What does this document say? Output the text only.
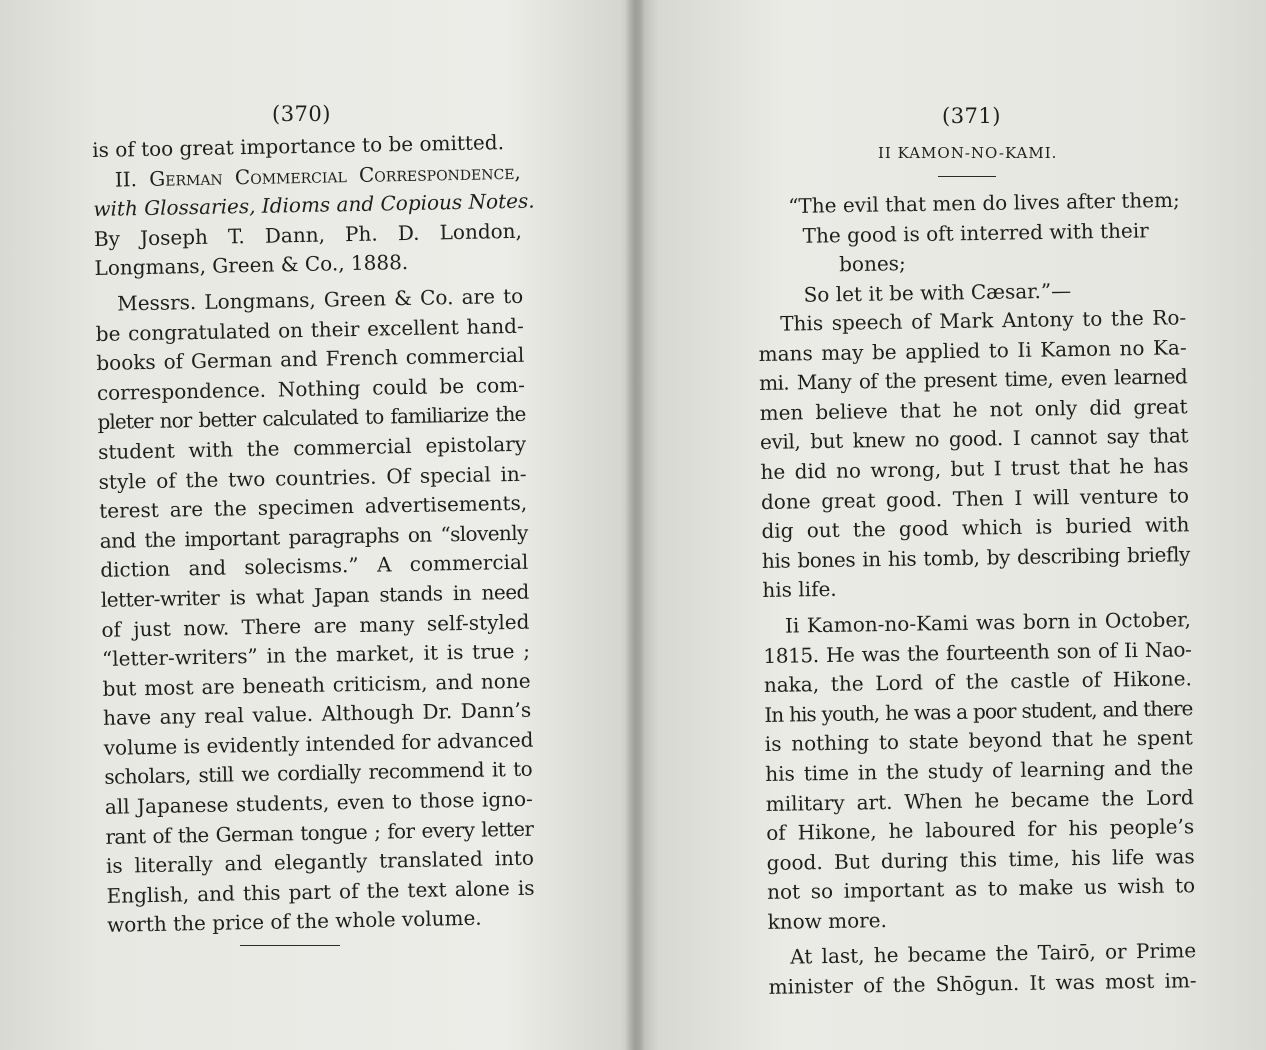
(370)
is of too great importance to be omitted.
II. German Commercial Correspondence,
with Glossaries, Idioms and Copious Notes.
By Joseph T. Dann, Ph. D. London,
Longmans, Green & Co., 1888.
Messrs. Longmans, Green & Co. are to
be congratulated on their excellent hand-
books of German and French commercial
correspondence. Nothing could be com-
pleter nor better calculated to familiarize the
student with the commercial epistolary
style of the two countries. Of special in-
terest are the specimen advertisements,
and the important paragraphs on “slovenly
diction and solecisms.” A commercial
letter-writer is what Japan stands in need
of just now. There are many self-styled
“letter-writers” in the market, it is true ;
but most are beneath criticism, and none
have any real value. Although Dr. Dann’s
volume is evidently intended for advanced
scholars, still we cordially recommend it to
all Japanese students, even to those igno-
rant of the German tongue ; for every letter
is literally and elegantly translated into
English, and this part of the text alone is
worth the price of the whole volume.
(371)
II KAMON-NO-KAMI.
“The evil that men do lives after them;
The good is oft interred with their
bones;
So let it be with Cæsar.”—
This speech of Mark Antony to the Ro-
mans may be applied to Ii Kamon no Ka-
mi. Many of the present time, even learned
men believe that he not only did great
evil, but knew no good. I cannot say that
he did no wrong, but I trust that he has
done great good. Then I will venture to
dig out the good which is buried with
his bones in his tomb, by describing briefly
his life.
Ii Kamon-no-Kami was born in October,
1815. He was the fourteenth son of Ii Nao-
naka, the Lord of the castle of Hikone.
In his youth, he was a poor student, and there
is nothing to state beyond that he spent
his time in the study of learning and the
military art. When he became the Lord
of Hikone, he laboured for his people’s
good. But during this time, his life was
not so important as to make us wish to
know more.
At last, he became the Tairō, or Prime
minister of the Shōgun. It was most im-
